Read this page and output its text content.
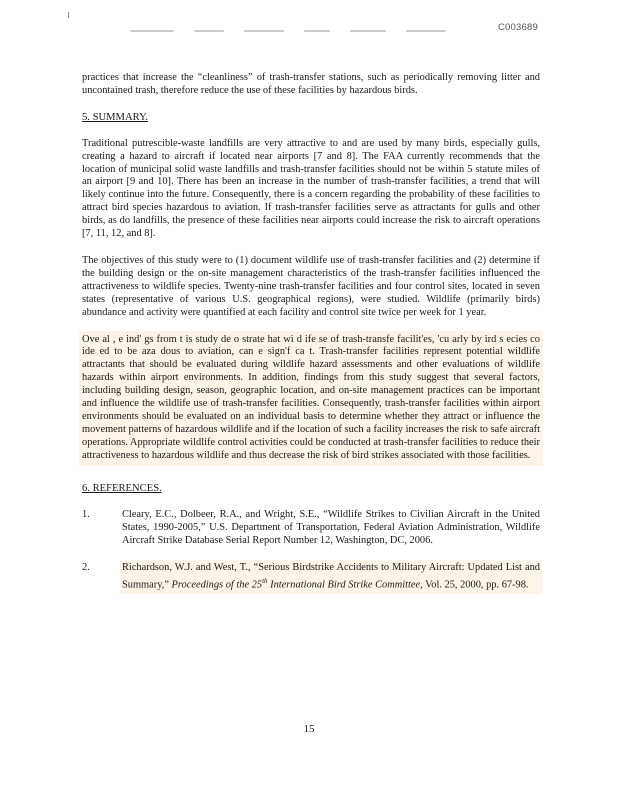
C003689

practices that increase the “cleanliness” of trash-transfer stations, such as periodically removing litter and uncontained trash, therefore reduce the use of these facilities by hazardous birds.

5. SUMMARY.

Traditional putrescible-waste landfills are very attractive to and are used by many birds, especially gulls, creating a hazard to aircraft if located near airports [7 and 8]. The FAA currently recommends that the location of municipal solid waste landfills and trash-transfer facilities should not be within 5 statute miles of an airport [9 and 10]. There has been an increase in the number of trash-transfer facilities, a trend that will likely continue into the future. Consequently, there is a concern regarding the probability of these facilities to attract bird species hazardous to aviation. If trash-transfer facilities serve as attractants for gulls and other birds, as do landfills, the presence of these facilities near airports could increase the risk to aircraft operations [7, 11, 12, and 8].

The objectives of this study were to (1) document wildlife use of trash-transfer facilities and (2) determine if the building design or the on-site management characteristics of the trash-transfer facilities influenced the attractiveness to wildlife species. Twenty-nine trash-transfer facilities and four control sites, located in seven states (representative of various U.S. geographical regions), were studied. Wildlife (primarily birds) abundance and activity were quantified at each facility and control site twice per week for 1 year.

Ove al , e ind' gs from t is study de o strate hat wi d ife se of trash-transfe facilit'es, 'cu arly by ird s ecies co ide ed to be aza dous to aviation, can e sign'f ca t. Trash-transfer facilities represent potential wildlife attractants that should be evaluated during wildlife hazard assessments and other evaluations of wildlife hazards within airport environments. In addition, findings from this study suggest that several factors, including building design, season, geographic location, and on-site management practices can be important and influence the wildlife use of trash-transfer facilities. Consequently, trash-transfer facilities within airport environments should be evaluated on an individual basis to determine whether they attract or influence the movement patterns of hazardous wildlife and if the location of such a facility increases the risk to safe aircraft operations. Appropriate wildlife control activities could be conducted at trash-transfer facilities to reduce their attractiveness to hazardous wildlife and thus decrease the risk of bird strikes associated with those facilities.

6. REFERENCES.
1.	Cleary, E.C., Dolbeer, R.A., and Wright, S.E., “Wildlife Strikes to Civilian Aircraft in the United States, 1990-2005,” U.S. Department of Transportation, Federal Aviation Administration, Wildlife Aircraft Strike Database Serial Report Number 12, Washington, DC, 2006.
2.	Richardson, W.J. and West, T., “Serious Birdstrike Accidents to Military Aircraft: Updated List and Summary,” Proceedings of the 25th International Bird Strike Committee, Vol. 25, 2000, pp. 67-98.
15
